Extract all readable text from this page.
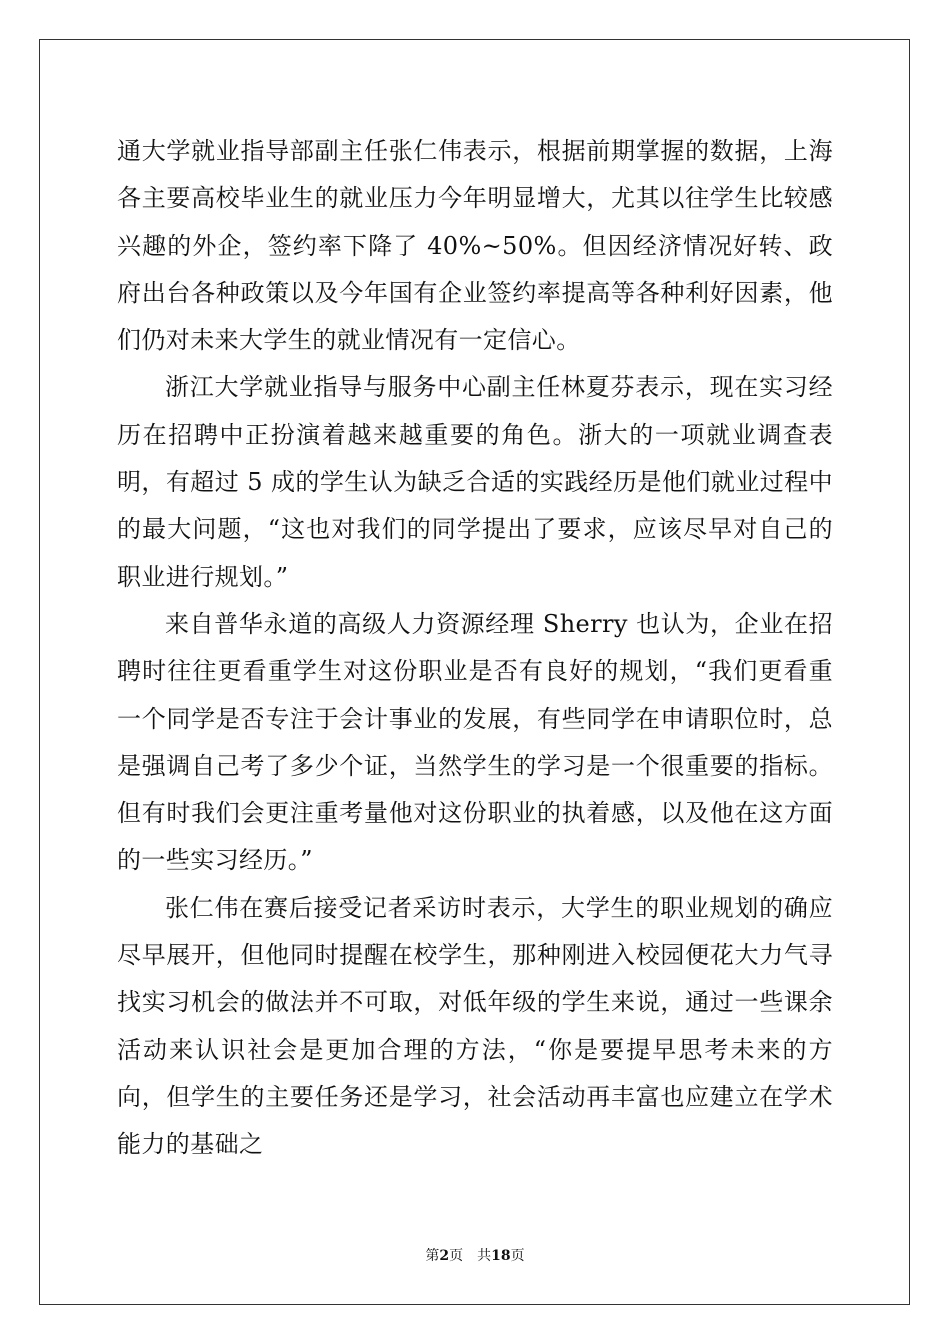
通大学就业指导部副主任张仁伟表示，根据前期掌握的数据，上海各主要高校毕业生的就业压力今年明显增大，尤其以往学生比较感兴趣的外企，签约率下降了 40%~50%。但因经济情况好转、政府出台各种政策以及今年国有企业签约率提高等各种利好因素，他们仍对未来大学生的就业情况有一定信心。

浙江大学就业指导与服务中心副主任林夏芬表示，现在实习经历在招聘中正扮演着越来越重要的角色。浙大的一项就业调查表明，有超过 5 成的学生认为缺乏合适的实践经历是他们就业过程中的最大问题，“这也对我们的同学提出了要求，应该尽早对自己的职业进行规划。”

来自普华永道的高级人力资源经理 Sherry 也认为，企业在招聘时往往更看重学生对这份职业是否有良好的规划，“我们更看重一个同学是否专注于会计事业的发展，有些同学在申请职位时，总是强调自己考了多少个证，当然学生的学习是一个很重要的指标。但有时我们会更注重考量他对这份职业的执着感，以及他在这方面的一些实习经历。”

张仁伟在赛后接受记者采访时表示，大学生的职业规划的确应尽早展开，但他同时提醒在校学生，那种刚进入校园便花大力气寻找实习机会的做法并不可取，对低年级的学生来说，通过一些课余活动来认识社会是更加合理的方法，“你是要提早思考未来的方向，但学生的主要任务还是学习，社会活动再丰富也应建立在学术能力的基础之

第2页 共18页
